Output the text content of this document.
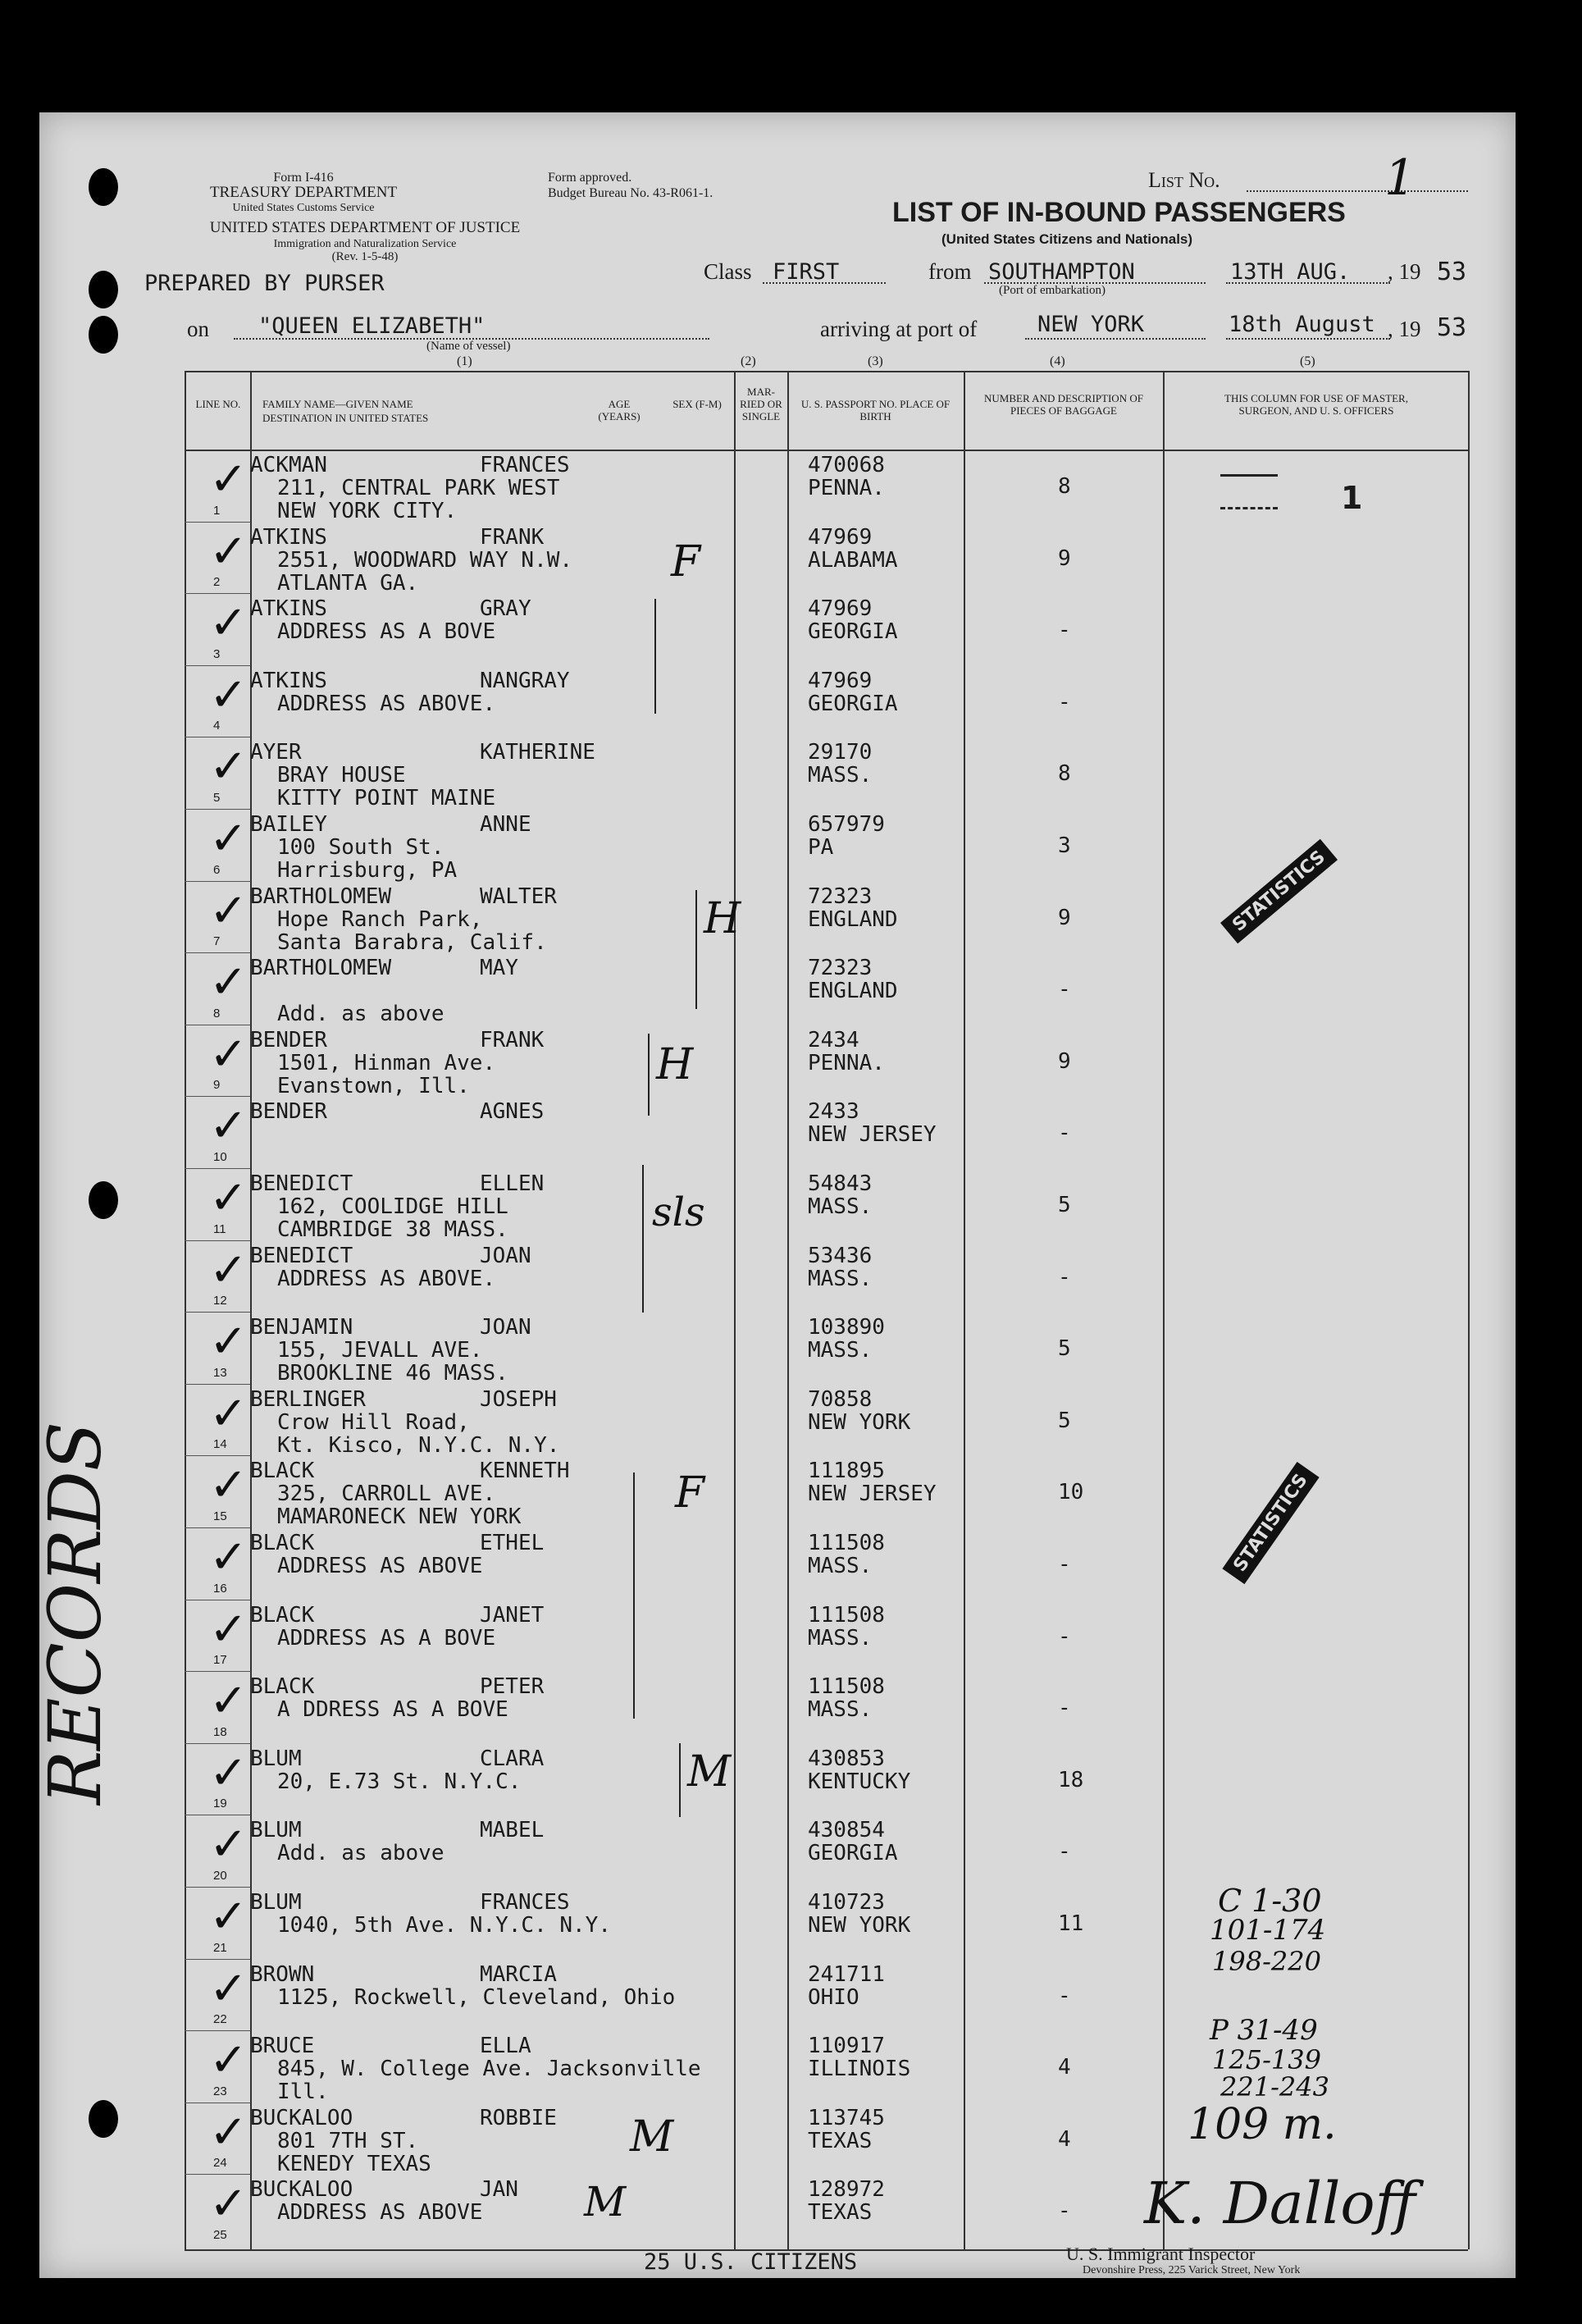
Form I-416
TREASURY DEPARTMENT
United States Customs Service
UNITED STATES DEPARTMENT OF JUSTICE
Immigration and Naturalization Service
(Rev. 1-5-48)
Form approved.
Budget Bureau No. 43-R061-1.
List No.	1
LIST OF IN-BOUND PASSENGERS
(United States Citizens and Nationals)
PREPARED BY PURSER	Class FIRST	from SOUTHAMPTON
(Port of embarkation)
13TH AUG. , 19 53
on "QUEEN ELIZABETH"
(Name of vessel)
arriving at port of	NEW YORK	18th August , 19 53
(1)	(2)	(3)	(4)	(5)
LINE NO.	FAMILY NAME—GIVEN NAME
DESTINATION IN UNITED STATES
AGE (YEARS)
SEX (F-M)
MAR-RIED OR SINGLE
U. S. PASSPORT NO. PLACE OF BIRTH
NUMBER AND DESCRIPTION OF PIECES OF BAGGAGE
THIS COLUMN FOR USE OF MASTER, SURGEON, AND U. S. OFFICERS
✓
1
ACKMAN	FRANCES
211, CENTRAL PARK WEST
NEW YORK CITY.
470068
PENNA.	8
✓
2
ATKINS	FRANK
2551, WOODWARD WAY N.W.
ATLANTA GA.
47969
ALABAMA	9
✓
3
ATKINS	GRAY
ADDRESS AS A BOVE
47969
GEORGIA	-
✓
4
ATKINS	NANGRAY
ADDRESS AS ABOVE.
47969
GEORGIA	-
✓
5
AYER	KATHERINE
BRAY HOUSE
KITTY POINT MAINE
29170
MASS.	8
✓
6
BAILEY	ANNE
100 South St.
Harrisburg, PA
657979
PA	3
✓
7
BARTHOLOMEW	WALTER
Hope Ranch Park,
Santa Barabra, Calif.
72323
ENGLAND	9
✓
8
BARTHOLOMEW	MAY
Add. as above
72323
ENGLAND	-
✓
9
BENDER	FRANK
1501, Hinman Ave.
Evanstown, Ill.
2434
PENNA.	9
✓
10
BENDER	AGNES	2433
NEW JERSEY	-
✓
11
BENEDICT	ELLEN
162, COOLIDGE HILL
CAMBRIDGE 38 MASS.
54843
MASS.	5
✓
12
BENEDICT	JOAN
ADDRESS AS ABOVE.
53436
MASS.	-
✓
13
BENJAMIN	JOAN
155, JEVALL AVE.
BROOKLINE 46 MASS.
103890
MASS.	5
✓
14
BERLINGER	JOSEPH
Crow Hill Road,
Kt. Kisco, N.Y.C. N.Y.
70858
NEW YORK	5
✓
15
BLACK	KENNETH
325, CARROLL AVE.
MAMARONECK NEW YORK
111895
NEW JERSEY	10
✓
16
BLACK	ETHEL
ADDRESS AS ABOVE
111508
MASS.	-
✓
17
BLACK	JANET
ADDRESS AS A BOVE
111508
MASS.	-
✓
18
BLACK	PETER
A DDRESS AS A BOVE
111508
MASS.	-
✓
19
BLUM	CLARA
20, E.73 St. N.Y.C.
430853
KENTUCKY	18
✓
20
BLUM	MABEL
Add. as above
430854
GEORGIA	-
✓
21
BLUM	FRANCES
1040, 5th Ave. N.Y.C. N.Y.
410723
NEW YORK	11
✓
22
BROWN	MARCIA
1125, Rockwell, Cleveland, Ohio
241711
OHIO	-
✓
23
BRUCE	ELLA
845, W. College Ave. Jacksonville
Ill.
110917
ILLINOIS	4
✓
24
BUCKALOO	ROBBIE
801 7TH ST.
KENEDY TEXAS
113745
TEXAS	4
✓
25
BUCKALOO	JAN
ADDRESS AS ABOVE
128972
TEXAS	-
1
STATISTICS
STATISTICS
F
H
H
sls
F
M
M
M
C 1-30
101-174
198-220
P 31-49
125-139
221-243
109 m.
RECORDS
25 U.S. CITIZENS	U. S. Immigrant Inspector
Devonshire Press, 225 Varick Street, New York
K. Dalloff
